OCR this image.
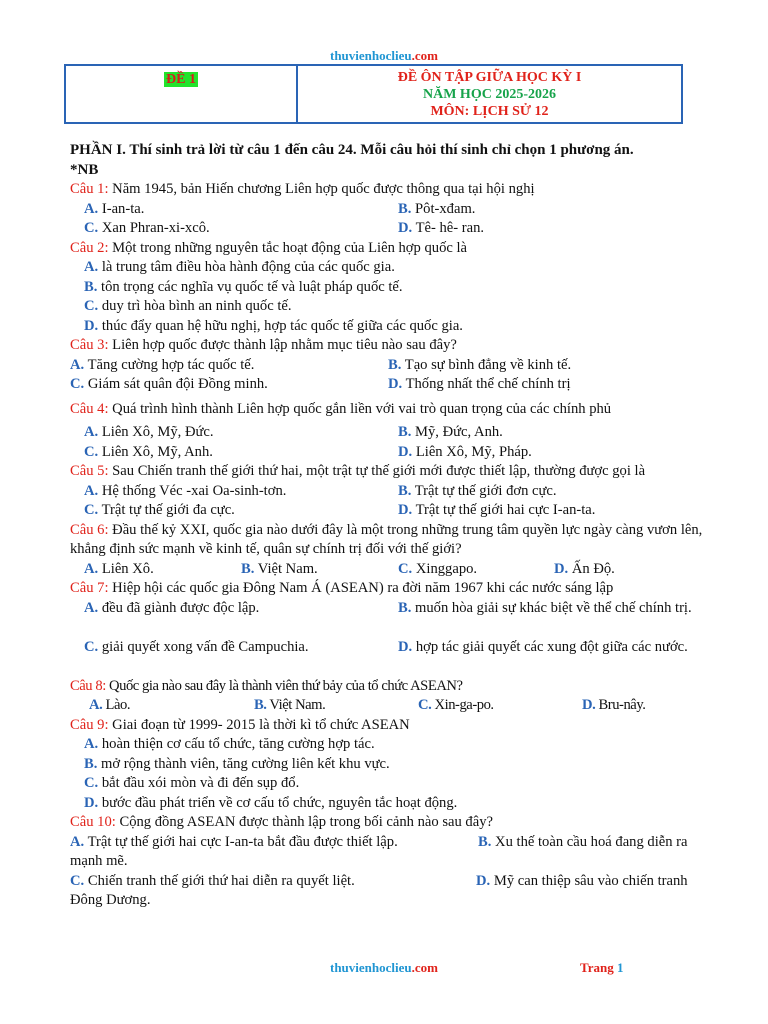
thuvienhoclieu.com
ĐỀ 1	ĐỀ ÔN TẬP GIỮA HỌC KỲ I
NĂM HỌC 2025-2026
MÔN: LỊCH SỬ 12
PHẦN I. Thí sinh trả lời từ câu 1 đến câu 24. Mỗi câu hỏi thí sinh chỉ chọn 1 phương án.
*NB
Câu 1: Năm 1945, bản Hiến chương Liên hợp quốc được thông qua tại hội nghị
A. I-an-ta.	B. Pôt-xđam.
C. Xan Phran-xi-xcô.	D. Tê- hê- ran.
Câu 2: Một trong những nguyên tắc hoạt động của Liên hợp quốc là
A. là trung tâm điều hòa hành động của các quốc gia.
B. tôn trọng các nghĩa vụ quốc tế và luật pháp quốc tế.
C. duy trì hòa bình an ninh quốc tế.
D. thúc đẩy quan hệ hữu nghị, hợp tác quốc tế giữa các quốc gia.
Câu 3: Liên hợp quốc được thành lập nhằm mục tiêu nào sau đây?
A. Tăng cường hợp tác quốc tế.	B. Tạo sự bình đẳng về kinh tế.
C. Giám sát quân đội Đồng minh.	D. Thống nhất thể chế chính trị
Câu 4: Quá trình hình thành Liên hợp quốc gắn liền với vai trò quan trọng của các chính phủ
A. Liên Xô, Mỹ, Đức.	B. Mỹ, Đức, Anh.
C. Liên Xô, Mỹ, Anh.	D. Liên Xô, Mỹ, Pháp.
Câu 5: Sau Chiến tranh thế giới thứ hai, một trật tự thế giới mới được thiết lập, thường được gọi là
A. Hệ thống Véc -xai Oa-sinh-tơn.	B. Trật tự thế giới đơn cực.
C. Trật tự thế giới đa cực.	D. Trật tự thế giới hai cực I-an-ta.
Câu 6: Đầu thế kỷ XXI, quốc gia nào dưới đây là một trong những trung tâm quyền lực ngày càng vươn lên, khẳng định sức mạnh về kinh tế, quân sự chính trị đối với thế giới?
A. Liên Xô.	B. Việt Nam.	C. Xinggapo.	D. Ấn Độ.
Câu 7: Hiệp hội các quốc gia Đông Nam Á (ASEAN) ra đời năm 1967 khi các nước sáng lập
A. đều đã giành được độc lập.	B. muốn hòa giải sự khác biệt về thể chế chính trị.
C. giải quyết xong vấn đề Campuchia.	D. hợp tác giải quyết các xung đột giữa các nước.
Câu 8: Quốc gia nào sau đây là thành viên thứ bảy của tổ chức ASEAN?
A. Lào.	B. Việt Nam.	C. Xin-ga-po.	D. Bru-nây.
Câu 9: Giai đoạn từ 1999- 2015 là thời kì tổ chức ASEAN
A. hoàn thiện cơ cấu tổ chức, tăng cường hợp tác.
B. mở rộng thành viên, tăng cường liên kết khu vực.
C. bắt đầu xói mòn và đi đến sụp đổ.
D. bước đầu phát triển về cơ cấu tổ chức, nguyên tắc hoạt động.
Câu 10: Cộng đồng ASEAN được thành lập trong bối cảnh nào sau đây?
A. Trật tự thế giới hai cực I-an-ta bắt đầu được thiết lập.	B. Xu thế toàn cầu hoá đang diễn ra mạnh mẽ.
C. Chiến tranh thế giới thứ hai diễn ra quyết liệt.	D. Mỹ can thiệp sâu vào chiến tranh Đông Dương.
thuvienhoclieu.com	Trang 1
